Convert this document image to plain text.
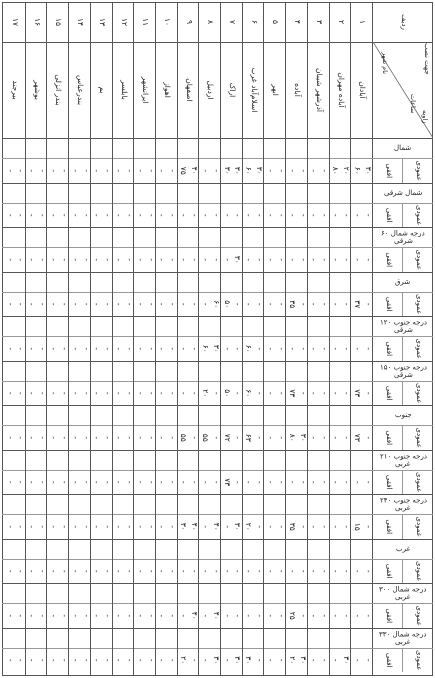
ردیف
زاویه
ساعات
نام شهر	جهت نصب
شمال
عمودی
افقی
شمال شرقی
عمودی
افقی
۶۰ درجه شمال شرقی
عمودی
افقی
شرق
عمودی
افقی
۱۲۰ درجه جنوب شرقی
عمودی
افقی
۱۵۰ درجه جنوب شرقی
عمودی
افقی
جنوب
عمودی
افقی
۲۱۰ درجه جنوب غربی
عمودی
افقی
۲۴۰ درجه جنوب غربی
عمودی
افقی
غرب
عمودی
افقی
۳۰۰ درجه شمال غربی
عمودی
افقی
۳۳۰ درجه شمال غربی
عمودی
افقی
۱
آبادان
۳۰
۶۰
-
-
-
-
-
۳۷
-
-
-
۷۳
-
۷۳
-
-
-
۱۵
-
-
-
-
-
-
۲
آباده مهران
۲۰
۸۰
-
-
-
-
-
-
-
-
-
-
-
-
-
-
-
-
-
-
-
-
۳۰
-
۳
آذرشهر شیبان
-
-
-
-
-
-
-
-
-
-
-
-
-
-
-
-
-
-
-
-
-
-
-
-
۴
آباده
-
-
-
-
-
-
-
۳۵
-
-
-
۷۳
۳۰
۸۰
-
-
-
۳۵
-
-
-
۲۵
۳۰
۲۰
۵
ابهر
-
-
-
-
-
-
-
-
-
-
-
-
-
-
-
-
-
-
-
-
-
-
-
-
۶
اسلام‌آباد غرب
۳۰
۶۰
-
-
-
-
-
-
-
۶۰
-
۶۰
-
۶۳
-
-
-
۲۰
-
-
-
-
-
۳۰
۷
اراک
۳۰
۳۰
-
-
۳۰
-
-
۵۰
-
-
-
۵۰
-
۷۲
-
۷۳
۳۰
-
-
-
-
-
۳۰
-
۸
اردبیل
-
-
-
-
-
-
۶۰
-
۳۰
۶۰
-
۲۰
-
۵۵
-
-
۴۰
-
-
-
۴۰
-
۳۰
-
۹
اصفهان
۴۰
۷۵
-
-
-
-
-
-
-
-
-
-
-
۵۵
-
-
۴۰
۳۰
-
-
۴۰
-
-
۲۰
۱۰
اهواز
-
-
-
-
-
-
-
-
-
-
-
-
-
-
-
-
-
-
-
-
-
-
-
-
۱۱
ایرانشهر
-
-
-
-
-
-
-
-
-
-
-
-
-
-
-
-
-
-
-
-
-
-
-
-
۱۲
بابلسر
-
-
-
-
-
-
-
-
-
-
-
-
-
-
-
-
-
-
-
-
-
-
-
-
۱۳
بم
-
-
-
-
-
-
-
-
-
-
-
-
-
-
-
-
-
-
-
-
-
-
-
-
۱۴
بندرعباس
-
-
-
-
-
-
-
-
-
-
-
-
-
-
-
-
-
-
-
-
-
-
-
-
۱۵
بندر انزلی
-
-
-
-
-
-
-
-
-
-
-
-
-
-
-
-
-
-
-
-
-
-
-
-
۱۶
بوشهر
-
-
-
-
-
-
-
-
-
-
-
-
-
-
-
-
-
-
-
-
-
-
-
-
۱۷
بیرجند
-
-
-
-
-
-
-
-
-
-
-
-
-
-
-
-
-
-
-
-
-
-
-
-
